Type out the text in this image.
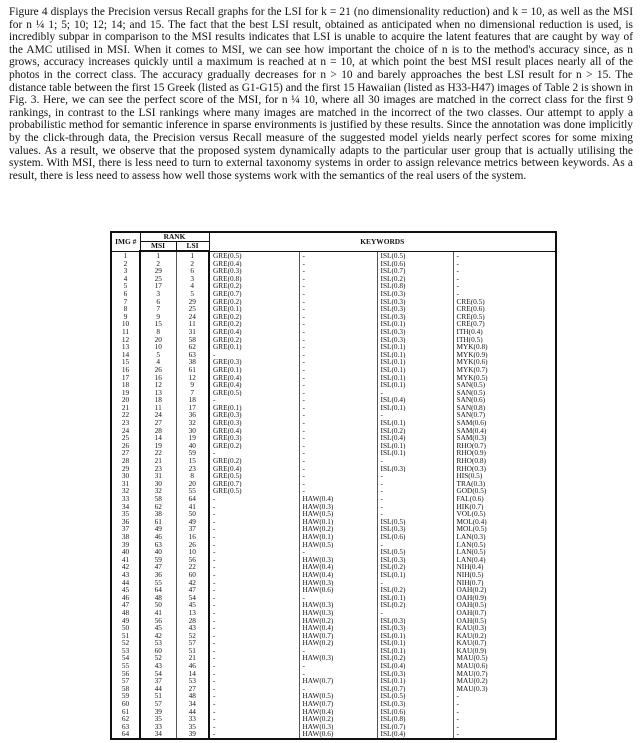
Figure 4 displays the Precision versus Recall graphs for the LSI for k = 21 (no dimensionality reduction) and k = 10, as well as the MSI for n ¼ 1; 5; 10; 12; 14; and 15. The fact that the best LSI result, obtained as anticipated when no dimensional reduction is used, is incredibly subpar in comparison to the MSI results indicates that LSI is unable to acquire the latent features that are caught by way of the AMC utilised in MSI. When it comes to MSI, we can see how important the choice of n is to the method's accuracy since, as n grows, accuracy increases quickly until a maximum is reached at n = 10, at which point the best MSI result places nearly all of the photos in the correct class. The accuracy gradually decreases for n > 10 and barely approaches the best LSI result for n > 15. The distance table between the first 15 Greek (listed as G1-G15) and the first 15 Hawaiian (listed as H33-H47) images of Table 2 is shown in Fig. 3. Here, we can see the perfect score of the MSI, for n ¼ 10, where all 30 images are matched in the correct class for the first 9 rankings, in contrast to the LSI rankings where many images are matched in the incorrect of the two classes. Our attempt to apply a probabilistic method for semantic inference in sparse environments is justified by these results. Since the annotation was done implicitly by the click-through data, the Precision versus Recall measure of the suggested model yields nearly perfect scores for some mixing values. As a result, we observe that the proposed system dynamically adapts to the particular user group that is actually utilising the system. With MSI, there is less need to turn to external taxonomy systems in order to assign relevance metrics between keywords. As a result, there is less need to assess how well those systems work with the semantics of the real users of the system.

IMG #	RANK		KEYWORDS			
	MSI	LSI				
1	1	1	GRE(0.5)	-	ISL(0.5)	-
2	2	2	GRE(0.4)	-	ISL(0.6)	-
3	29	6	GRE(0.3)	-	ISL(0.7)	-
4	25	3	GRE(0.8)	-	ISL(0.2)	-
5	17	4	GRE(0.2)	-	ISL(0.8)	-
6	3	5	GRE(0.7)	-	ISL(0.3)	-
7	6	29	GRE(0.2)	-	ISL(0.3)	CRE(0.5)
8	7	25	GRE(0.1)	-	ISL(0.3)	CRE(0.6)
9	9	24	GRE(0.2)	-	ISL(0.3)	CRE(0.5)
10	15	11	GRE(0.2)	-	ISL(0.1)	CRE(0.7)
11	8	31	GRE(0.4)	-	ISL(0.3)	ITH(0.4)
12	20	58	GRE(0.2)	-	ISL(0.3)	ITH(0.5)
13	10	62	GRE(0.1)	-	ISL(0.1)	MYK(0.8)
14	5	63	-	-	ISL(0.1)	MYK(0.9)
15	4	38	GRE(0.3)	-	ISL(0.1)	MYK(0.6)
16	26	61	GRE(0.1)	-	ISL(0.1)	MYK(0.7)
17	16	12	GRE(0.4)	-	ISL(0.1)	MYK(0.5)
18	12	9	GRE(0.4)	-	ISL(0.1)	SAN(0.5)
19	13	7	GRE(0.5)	-	-	SAN(0.5)
20	18	18	-	-	ISL(0.4)	SAN(0.6)
21	11	17	GRE(0.1)	-	ISL(0.1)	SAN(0.8)
22	24	36	GRE(0.3)	-	-	SAN(0.7)
23	27	32	GRE(0.3)	-	ISL(0.1)	SAM(0.6)
24	28	30	GRE(0.4)	-	ISL(0.2)	SAM(0.4)
25	14	19	GRE(0.3)	-	ISL(0.4)	SAM(0.3)
26	19	40	GRE(0.2)	-	ISL(0.1)	RHO(0.7)
27	22	59	-	-	ISL(0.1)	RHO(0.9)
28	21	15	GRE(0.2)	-	-	RHO(0.8)
29	23	23	GRE(0.4)	-	ISL(0.3)	RHO(0.3)
30	31	8	GRE(0.5)	-	-	HIS(0.5)
31	30	20	GRE(0.7)	-	-	TRA(0.3)
32	32	55	GRE(0.5)	-	-	GOD(0.5)
33	58	64	-	HAW(0.4)	-	FAL(0.6)
34	62	41	-	HAW(0.3)	-	HIK(0.7)
35	38	50	-	HAW(0.5)	-	VOL(0.5)
36	61	49	-	HAW(0.1)	ISL(0.5)	MOL(0.4)
37	49	37	-	HAW(0.2)	ISL(0.3)	MOL(0.5)
38	46	16	-	HAW(0.1)	ISL(0.6)	LAN(0.3)
39	63	26	-	HAW(0.5)	-	LAN(0.5)
40	40	10	-	-	ISL(0.5)	LAN(0.5)
41	59	56	-	HAW(0.3)	ISL(0.3)	LAN(0.4)
42	47	22	-	HAW(0.4)	ISL(0.2)	NIH(0.4)
43	36	60	-	HAW(0.4)	ISL(0.1)	NIH(0.5)
44	55	42	-	HAW(0.3)	-	NIH(0.7)
45	64	47	-	HAW(0.6)	ISL(0.2)	OAH(0.2)
46	48	54	-	-	ISL(0.1)	OAH(0.9)
47	50	45	-	HAW(0.3)	ISL(0.2)	OAH(0.5)
48	41	13	-	HAW(0.3)	-	OAH(0.7)
49	56	28	-	HAW(0.2)	ISL(0.3)	OAH(0.5)
50	45	43	-	HAW(0.4)	ISL(0.3)	KAU(0.3)
51	42	52	-	HAW(0.7)	ISL(0.1)	KAU(0.2)
52	53	57	-	HAW(0.2)	ISL(0.1)	KAU(0.7)
53	60	51	-	-	ISL(0.1)	KAU(0.9)
54	52	21	-	HAW(0.3)	ISL(0.2)	MAU(0.5)
55	43	46	-	-	ISL(0.4)	MAU(0.6)
56	54	14	-	-	ISL(0.3)	MAU(0.7)
57	37	53	-	HAW(0.7)	ISL(0.1)	MAU(0.2)
58	44	27	-	-	ISL(0.7)	MAU(0.3)
59	51	48	-	HAW(0.5)	ISL(0.5)	-
60	57	34	-	HAW(0.7)	ISL(0.3)	-
61	39	44	-	HAW(0.4)	ISL(0.6)	-
62	35	33	-	HAW(0.2)	ISL(0.8)	-
63	33	35	-	HAW(0.3)	ISL(0.7)	-
64	34	39	-	HAW(0.6)	ISL(0.4)	-
